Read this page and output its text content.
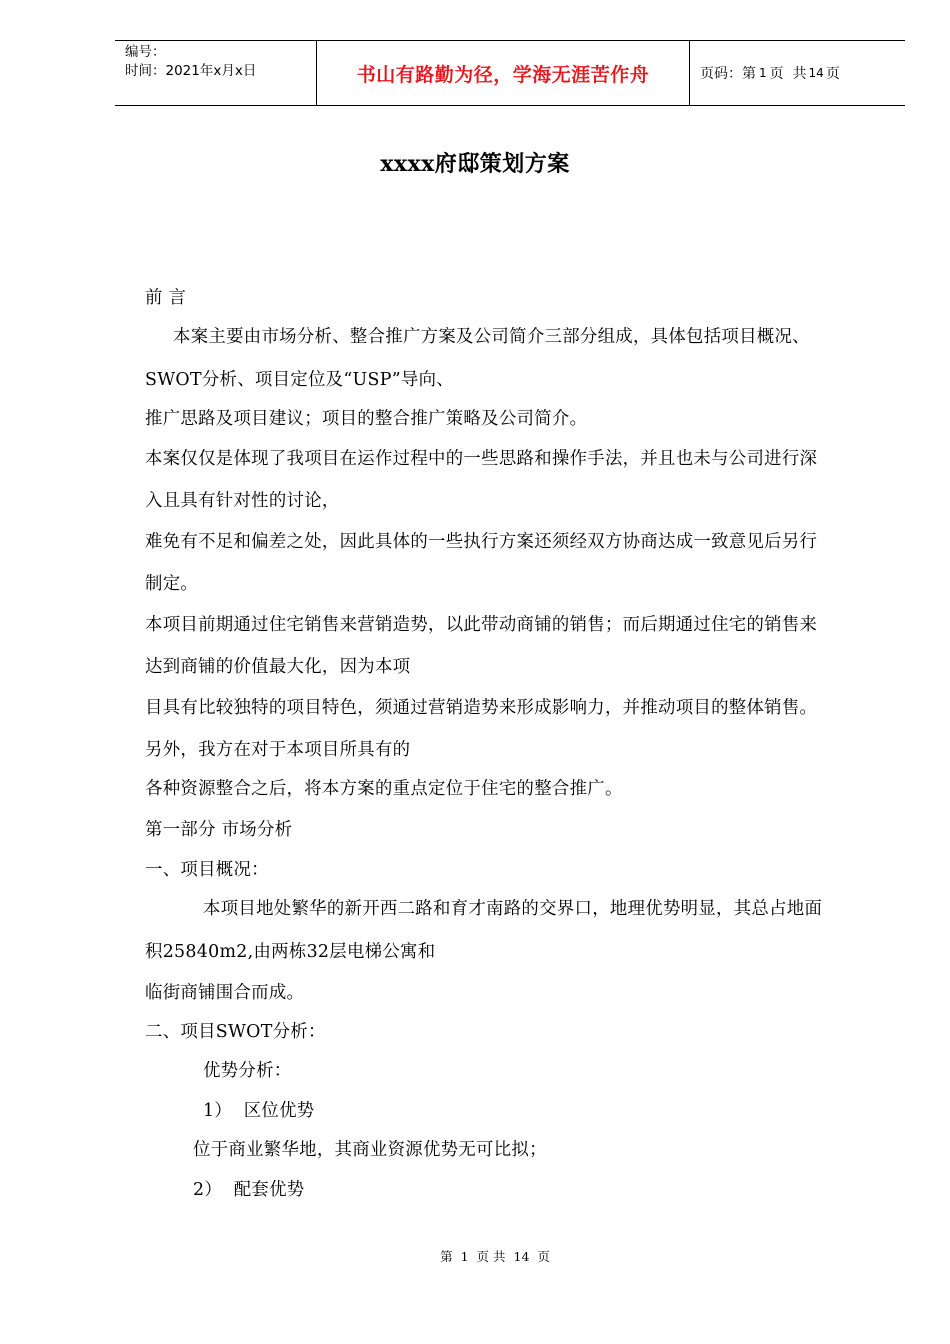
编号：
时间：2021年x月x日	书山有路勤为径，学海无涯苦作舟	页码：第 1 页  共 14 页
xxxx府邸策划方案
前 言
本案主要由市场分析、整合推广方案及公司简介三部分组成，具体包括项目概况、
SWOT分析、项目定位及“USP”导向、
推广思路及项目建议；项目的整合推广策略及公司简介。
本案仅仅是体现了我项目在运作过程中的一些思路和操作手法，并且也未与公司进行深
入且具有针对性的讨论，
难免有不足和偏差之处，因此具体的一些执行方案还须经双方协商达成一致意见后另行
制定。
本项目前期通过住宅销售来营销造势，以此带动商铺的销售；而后期通过住宅的销售来
达到商铺的价值最大化，因为本项
目具有比较独特的项目特色，须通过营销造势来形成影响力，并推动项目的整体销售。
另外，我方在对于本项目所具有的
各种资源整合之后，将本方案的重点定位于住宅的整合推广。
第一部分 市场分析
一、项目概况：
本项目地处繁华的新开西二路和育才南路的交界口，地理优势明显，其总占地面
积25840m2,由两栋32层电梯公寓和
临街商铺围合而成。
二、项目SWOT分析：
优势分析：
1）  区位优势
位于商业繁华地，其商业资源优势无可比拟；
2）  配套优势
第 1 页 共 14 页
